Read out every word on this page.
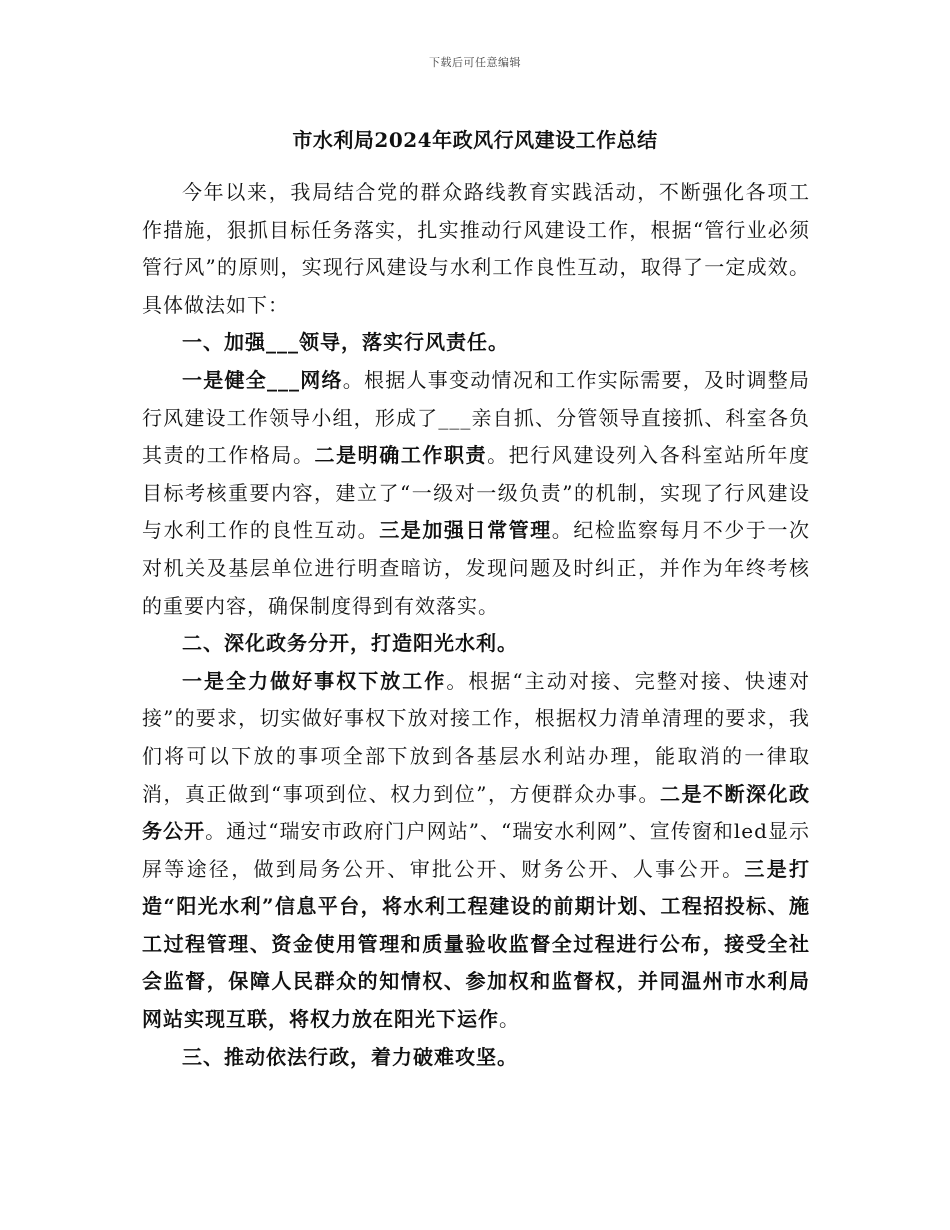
下载后可任意编辑
市水利局2024年政风行风建设工作总结

今年以来，我局结合党的群众路线教育实践活动，不断强化各项工作措施，狠抓目标任务落实，扎实推动行风建设工作，根据“管行业必须管行风”的原则，实现行风建设与水利工作良性互动，取得了一定成效。具体做法如下：

一、加强___领导，落实行风责任。

一是健全___网络。根据人事变动情况和工作实际需要，及时调整局行风建设工作领导小组，形成了___亲自抓、分管领导直接抓、科室各负其责的工作格局。二是明确工作职责。把行风建设列入各科室站所年度目标考核重要内容，建立了“一级对一级负责”的机制，实现了行风建设与水利工作的良性互动。三是加强日常管理。纪检监察每月不少于一次对机关及基层单位进行明查暗访，发现问题及时纠正，并作为年终考核的重要内容，确保制度得到有效落实。

二、深化政务分开，打造阳光水利。

一是全力做好事权下放工作。根据“主动对接、完整对接、快速对接”的要求，切实做好事权下放对接工作，根据权力清单清理的要求，我们将可以下放的事项全部下放到各基层水利站办理，能取消的一律取消，真正做到“事项到位、权力到位”，方便群众办事。二是不断深化政务公开。通过“瑞安市政府门户网站”、“瑞安水利网”、宣传窗和led显示屏等途径，做到局务公开、审批公开、财务公开、人事公开。三是打造“阳光水利”信息平台，将水利工程建设的前期计划、工程招投标、施工过程管理、资金使用管理和质量验收监督全过程进行公布，接受全社会监督，保障人民群众的知情权、参加权和监督权，并同温州市水利局网站实现互联，将权力放在阳光下运作。

三、推动依法行政，着力破难攻坚。
